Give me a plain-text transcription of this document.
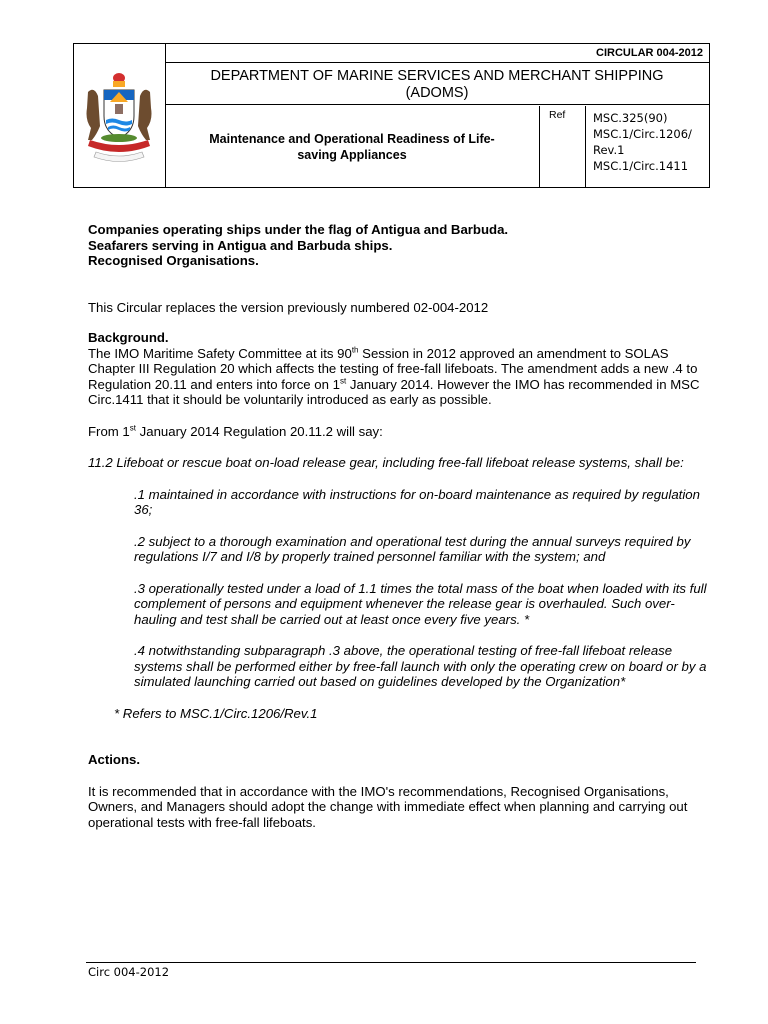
CIRCULAR 004-2012
DEPARTMENT OF MARINE SERVICES AND MERCHANT SHIPPING
(ADOMS)
Maintenance and Operational Readiness of Life-
saving Appliances
Ref	MSC.325(90)
MSC.1/Circ.1206/
Rev.1
MSC.1/Circ.1411

Companies operating ships under the flag of Antigua and Barbuda.

Seafarers serving in Antigua and Barbuda ships.

Recognised Organisations.

This Circular replaces the version previously numbered 02-004-2012

Background.

The IMO Maritime Safety Committee at its 90th Session in 2012 approved an amendment to SOLAS Chapter III Regulation 20 which affects the testing of free-fall lifeboats. The amendment adds a new .4 to Regulation 20.11 and enters into force on 1st January 2014. However the IMO has recommended in MSC Circ.1411 that it should be voluntarily introduced as early as possible.

From 1st January 2014 Regulation 20.11.2 will say:

11.2 Lifeboat or rescue boat on-load release gear, including free-fall lifeboat release systems, shall be:

.1 maintained in accordance with instructions for on-board maintenance as required by regulation 36;

.2 subject to a thorough examination and operational test during the annual surveys required by regulations I/7 and I/8 by properly trained personnel familiar with the system; and

.3 operationally tested under a load of 1.1 times the total mass of the boat when loaded with its full complement of persons and equipment whenever the release gear is overhauled. Such over-hauling and test shall be carried out at least once every five years. *

.4 notwithstanding subparagraph .3 above, the operational testing of free-fall lifeboat release systems shall be performed either by free-fall launch with only the operating crew on board or by a simulated launching carried out based on guidelines developed by the Organization*

* Refers to MSC.1/Circ.1206/Rev.1

Actions.

It is recommended that in accordance with the IMO's recommendations, Recognised Organisations, Owners, and Managers should adopt the change with immediate effect when planning and carrying out operational tests with free-fall lifeboats.

Circ 004-2012
